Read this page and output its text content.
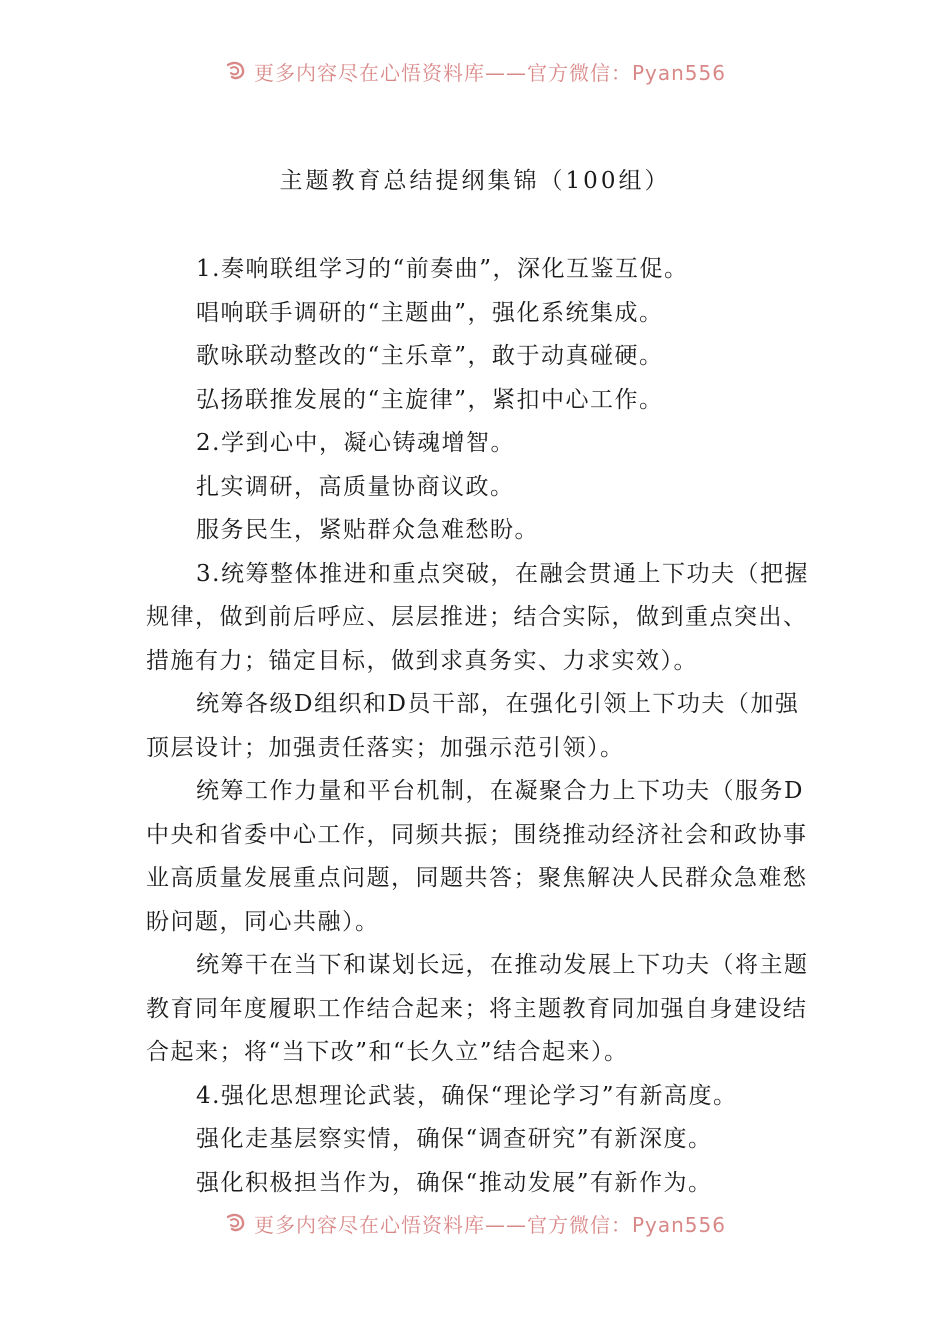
更多内容尽在心悟资料库——官方微信：Pyan556
主题教育总结提纲集锦（100组）

1.奏响联组学习的“前奏曲”，深化互鉴互促。

唱响联手调研的“主题曲”，强化系统集成。

歌咏联动整改的“主乐章”，敢于动真碰硬。

弘扬联推发展的“主旋律”，紧扣中心工作。

2.学到心中，凝心铸魂增智。

扎实调研，高质量协商议政。

服务民生，紧贴群众急难愁盼。

3.统筹整体推进和重点突破，在融会贯通上下功夫（把握规律，做到前后呼应、层层推进；结合实际，做到重点突出、措施有力；锚定目标，做到求真务实、力求实效）。

统筹各级D组织和D员干部，在强化引领上下功夫（加强顶层设计；加强责任落实；加强示范引领）。

统筹工作力量和平台机制，在凝聚合力上下功夫（服务D中央和省委中心工作，同频共振；围绕推动经济社会和政协事业高质量发展重点问题，同题共答；聚焦解决人民群众急难愁盼问题，同心共融）。

统筹干在当下和谋划长远，在推动发展上下功夫（将主题教育同年度履职工作结合起来；将主题教育同加强自身建设结合起来；将“当下改”和“长久立”结合起来）。

4.强化思想理论武装，确保“理论学习”有新高度。

强化走基层察实情，确保“调查研究”有新深度。

强化积极担当作为，确保“推动发展”有新作为。

更多内容尽在心悟资料库——官方微信：Pyan556
